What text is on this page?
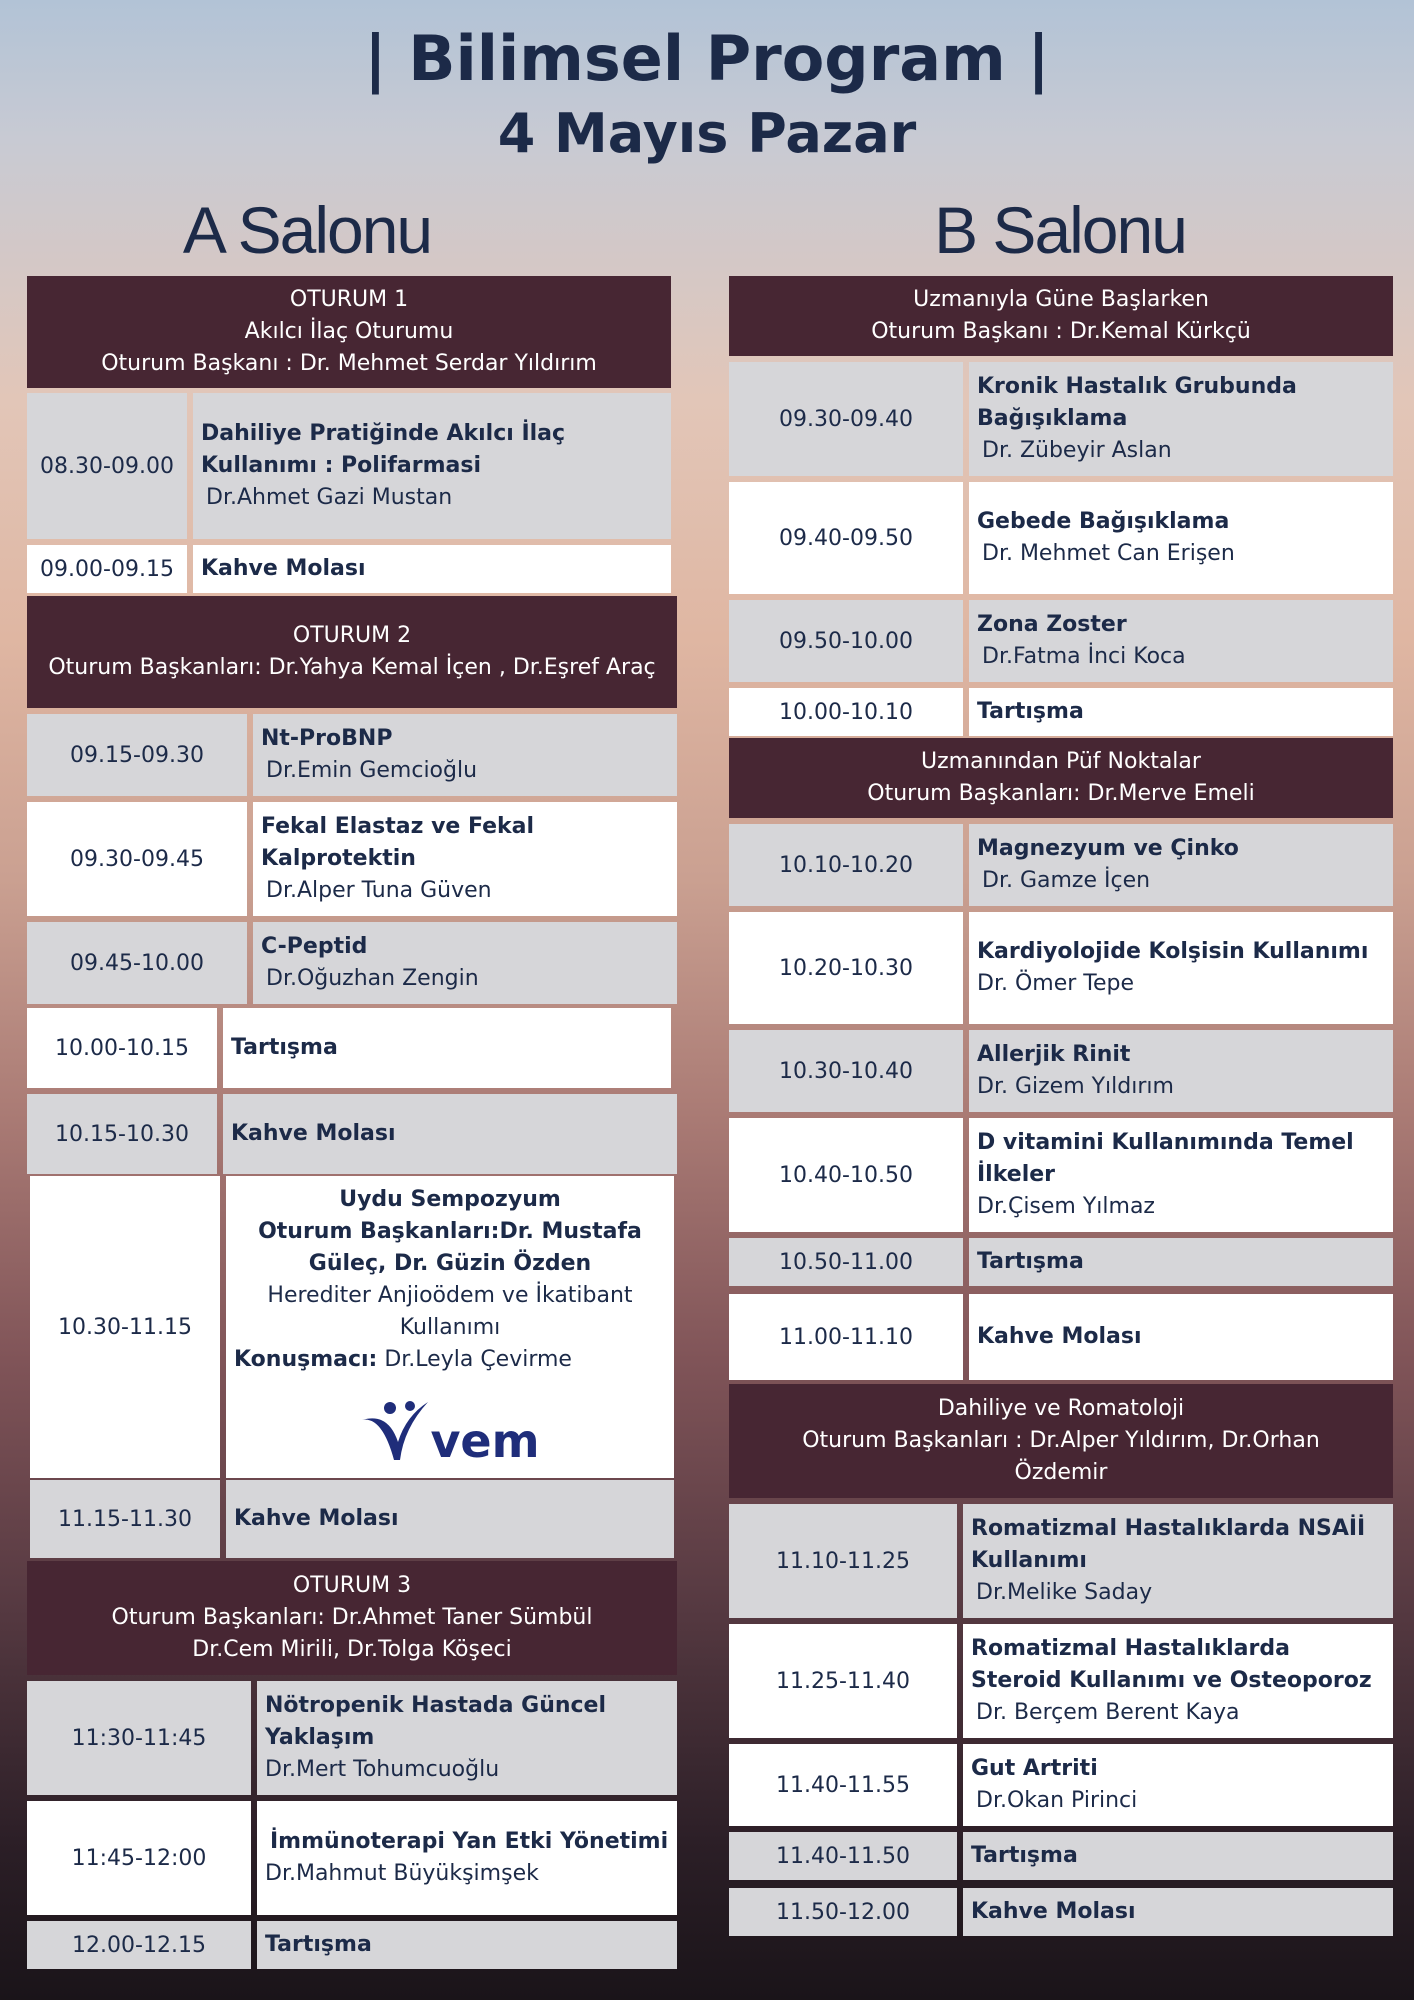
| Bilimsel Program |
4 Mayıs Pazar
A Salonu	B Salonu
OTURUM 1
Akılcı İlaç Oturumu
Oturum Başkanı : Dr. Mehmet Serdar Yıldırım
08.30-09.00
Dahiliye Pratiğinde Akılcı İlaç Kullanımı : Polifarmasi
Dr.Ahmet Gazi Mustan
09.00-09.15	Kahve Molası
OTURUM 2
Oturum Başkanları: Dr.Yahya Kemal İçen , Dr.Eşref Araç
09.15-09.30
Nt-ProBNP
Dr.Emin Gemcioğlu
09.30-09.45
Fekal Elastaz ve Fekal Kalprotektin
Dr.Alper Tuna Güven
09.45-10.00
C-Peptid
Dr.Oğuzhan Zengin
10.00-10.15	Tartışma
10.15-10.30	Kahve Molası
10.30-11.15
Uydu Sempozyum
Oturum Başkanları:Dr. Mustafa Güleç, Dr. Güzin Özden
Herediter Anjioödem ve İkatibant Kullanımı
Konuşmacı: Dr.Leyla Çevirme
vem
11.15-11.30	Kahve Molası
OTURUM 3
Oturum Başkanları: Dr.Ahmet Taner Sümbül
Dr.Cem Mirili, Dr.Tolga Köşeci
11:30-11:45
Nötropenik Hastada Güncel Yaklaşım
Dr.Mert Tohumcuoğlu
11:45-12:00
İmmünoterapi Yan Etki Yönetimi
Dr.Mahmut Büyükşimşek
12.00-12.15	Tartışma
Uzmanıyla Güne Başlarken
Oturum Başkanı : Dr.Kemal Kürkçü
09.30-09.40
Kronik Hastalık Grubunda Bağışıklama
Dr. Zübeyir Aslan
09.40-09.50
Gebede Bağışıklama
Dr. Mehmet Can Erişen
09.50-10.00
Zona Zoster
Dr.Fatma İnci Koca
10.00-10.10	Tartışma
Uzmanından Püf Noktalar
Oturum Başkanları: Dr.Merve Emeli
10.10-10.20
Magnezyum ve Çinko
Dr. Gamze İçen
10.20-10.30
Kardiyolojide Kolşisin Kullanımı
Dr. Ömer Tepe
10.30-10.40
Allerjik Rinit
Dr. Gizem Yıldırım
10.40-10.50
D vitamini Kullanımında Temel İlkeler
Dr.Çisem Yılmaz
10.50-11.00	Tartışma
11.00-11.10	Kahve Molası
Dahiliye ve Romatoloji
Oturum Başkanları : Dr.Alper Yıldırım, Dr.Orhan Özdemir
11.10-11.25
Romatizmal Hastalıklarda NSAİİ Kullanımı
Dr.Melike Saday
11.25-11.40
Romatizmal Hastalıklarda Steroid Kullanımı ve Osteoporoz
Dr. Berçem Berent Kaya
11.40-11.55
Gut Artriti
Dr.Okan Pirinci
11.40-11.50	Tartışma
11.50-12.00	Kahve Molası
